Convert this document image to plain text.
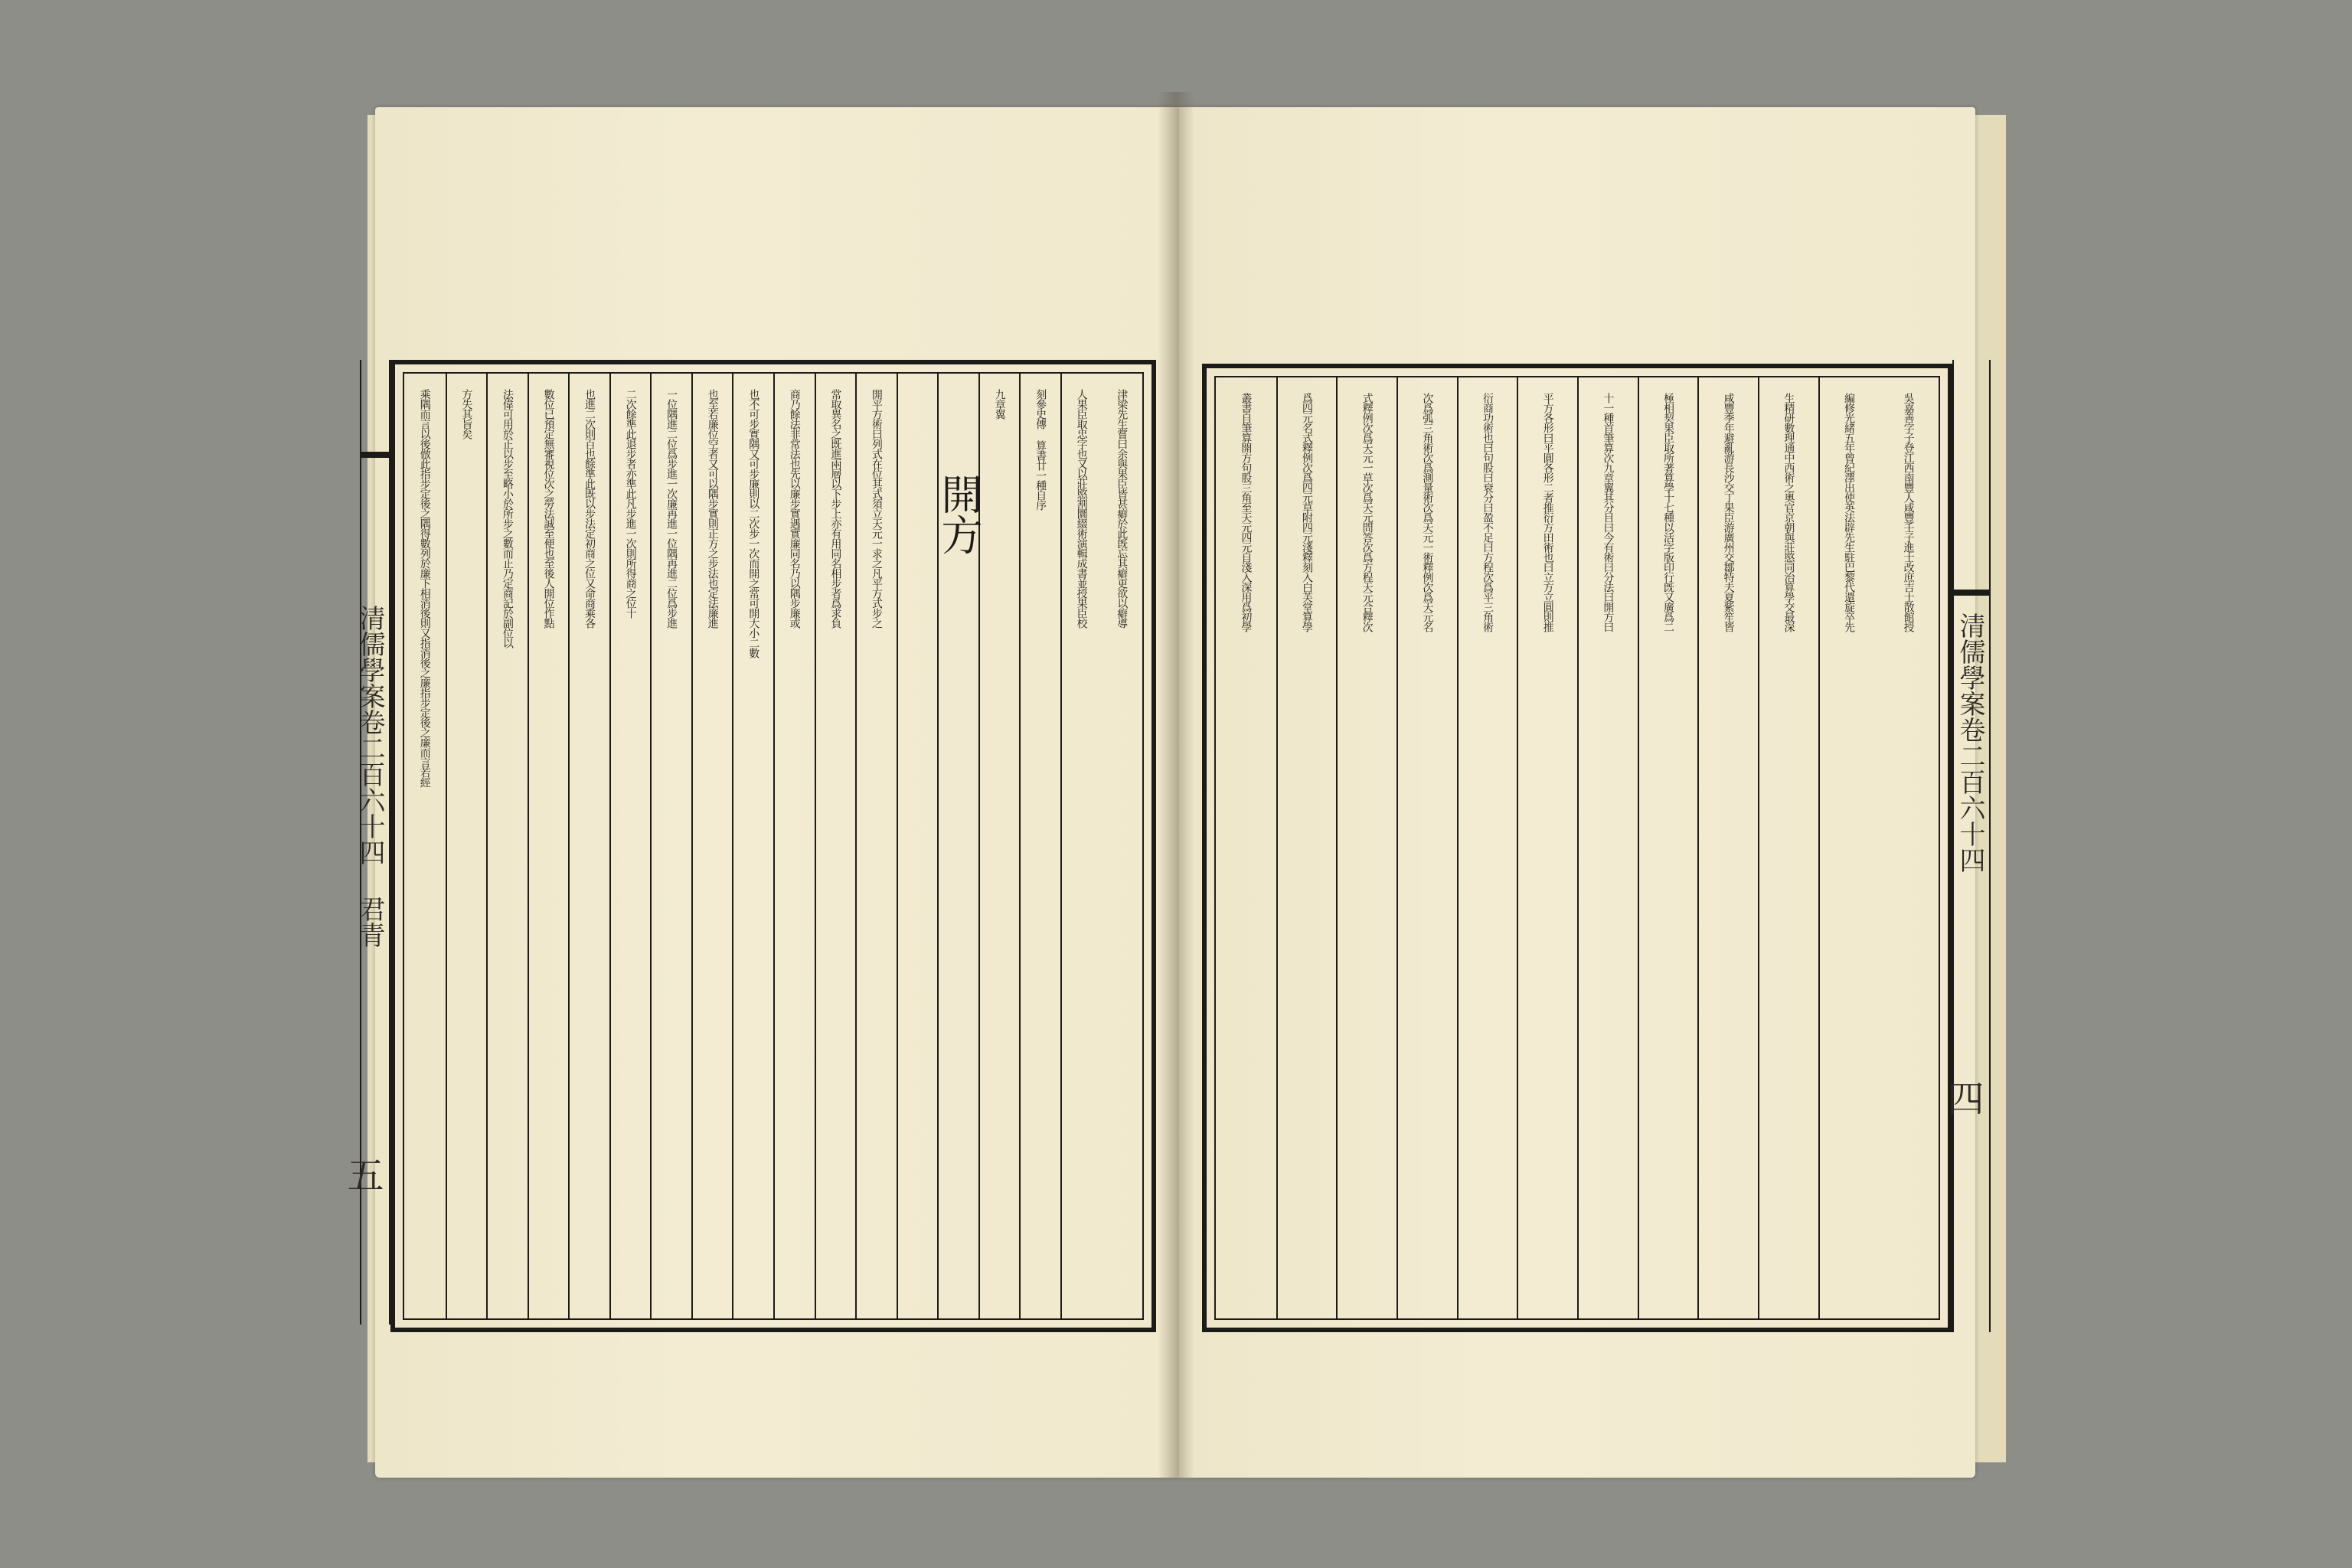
清儒學案卷二百六十四 君青
五
津梁先生嘗曰余與果臣皆甚癖於此旣忘其癖更欲以癖導
人果臣取忠字也又以莊愍割圜綴術演輯成書並授果臣校
刻參史傳 算書廿一種自序
九章翼
開方
開平方術曰列式在位其式須立天元一求之凡平方式步之
常取異名之既進兩層以下步上亦有用同名相步者爲求負
商乃餘法非常法也先以廉步實遇實廉同名乃以隅步廉或
也不可步實隅又可步廉則以二次步一次而開之常可開大小二數
也至若廉位空者又可以隅步實則正方之步法也定法廉進
一位隅進二位爲步進一次廉再進一位隅再進二位爲步進
二次餘準此退步者亦準此凡步進一次則所得商之位十
也進二次則百也餘準此既以步法定初商之位又命商乘各
數位已預定無審視位次之勞法誠至便也至後人開位作點
法偉可用於正以步至略小於所步之數而止乃定商記於副位以
方失其旨矣
乘隅而言以後倣此指步定後之隅得數列於廉下相消後則又指消後之廉指步定後之廉而言若經	吳嘉善字子登江西南豐人咸豐壬子進士改庶吉士散館授
編修光緒五年曾紀澤出使英法辟先生駐巴黎代還旋卒先
生精研數理通中西術之奧官京朝與莊愍同治算學交最深
咸豐季年避亂游長沙交丁果臣游廣州交鄒特夫夏紫笙皆
極相契果臣取所著算學十七種以活字版印行旣又廣爲二
十一種首筆算次九章翼其分目曰今有術曰分法曰開方曰
平方各形曰平圓各形二者推衍方田術也曰立方立圓則推
衍商功術也曰句股曰衰分曰盈不足曰方程次爲平三角術
次爲弧三角術次爲測量術次爲天元一術釋例次爲天元名
式釋例次爲天元一草次爲天元問答次爲方程天元合釋次
爲四元名式釋例次爲四元草附四元淺釋刻入白芙堂算學
叢書自筆算開方句股三角至天元四元自淺入深用爲初學
清儒學案卷二百六十四
四
